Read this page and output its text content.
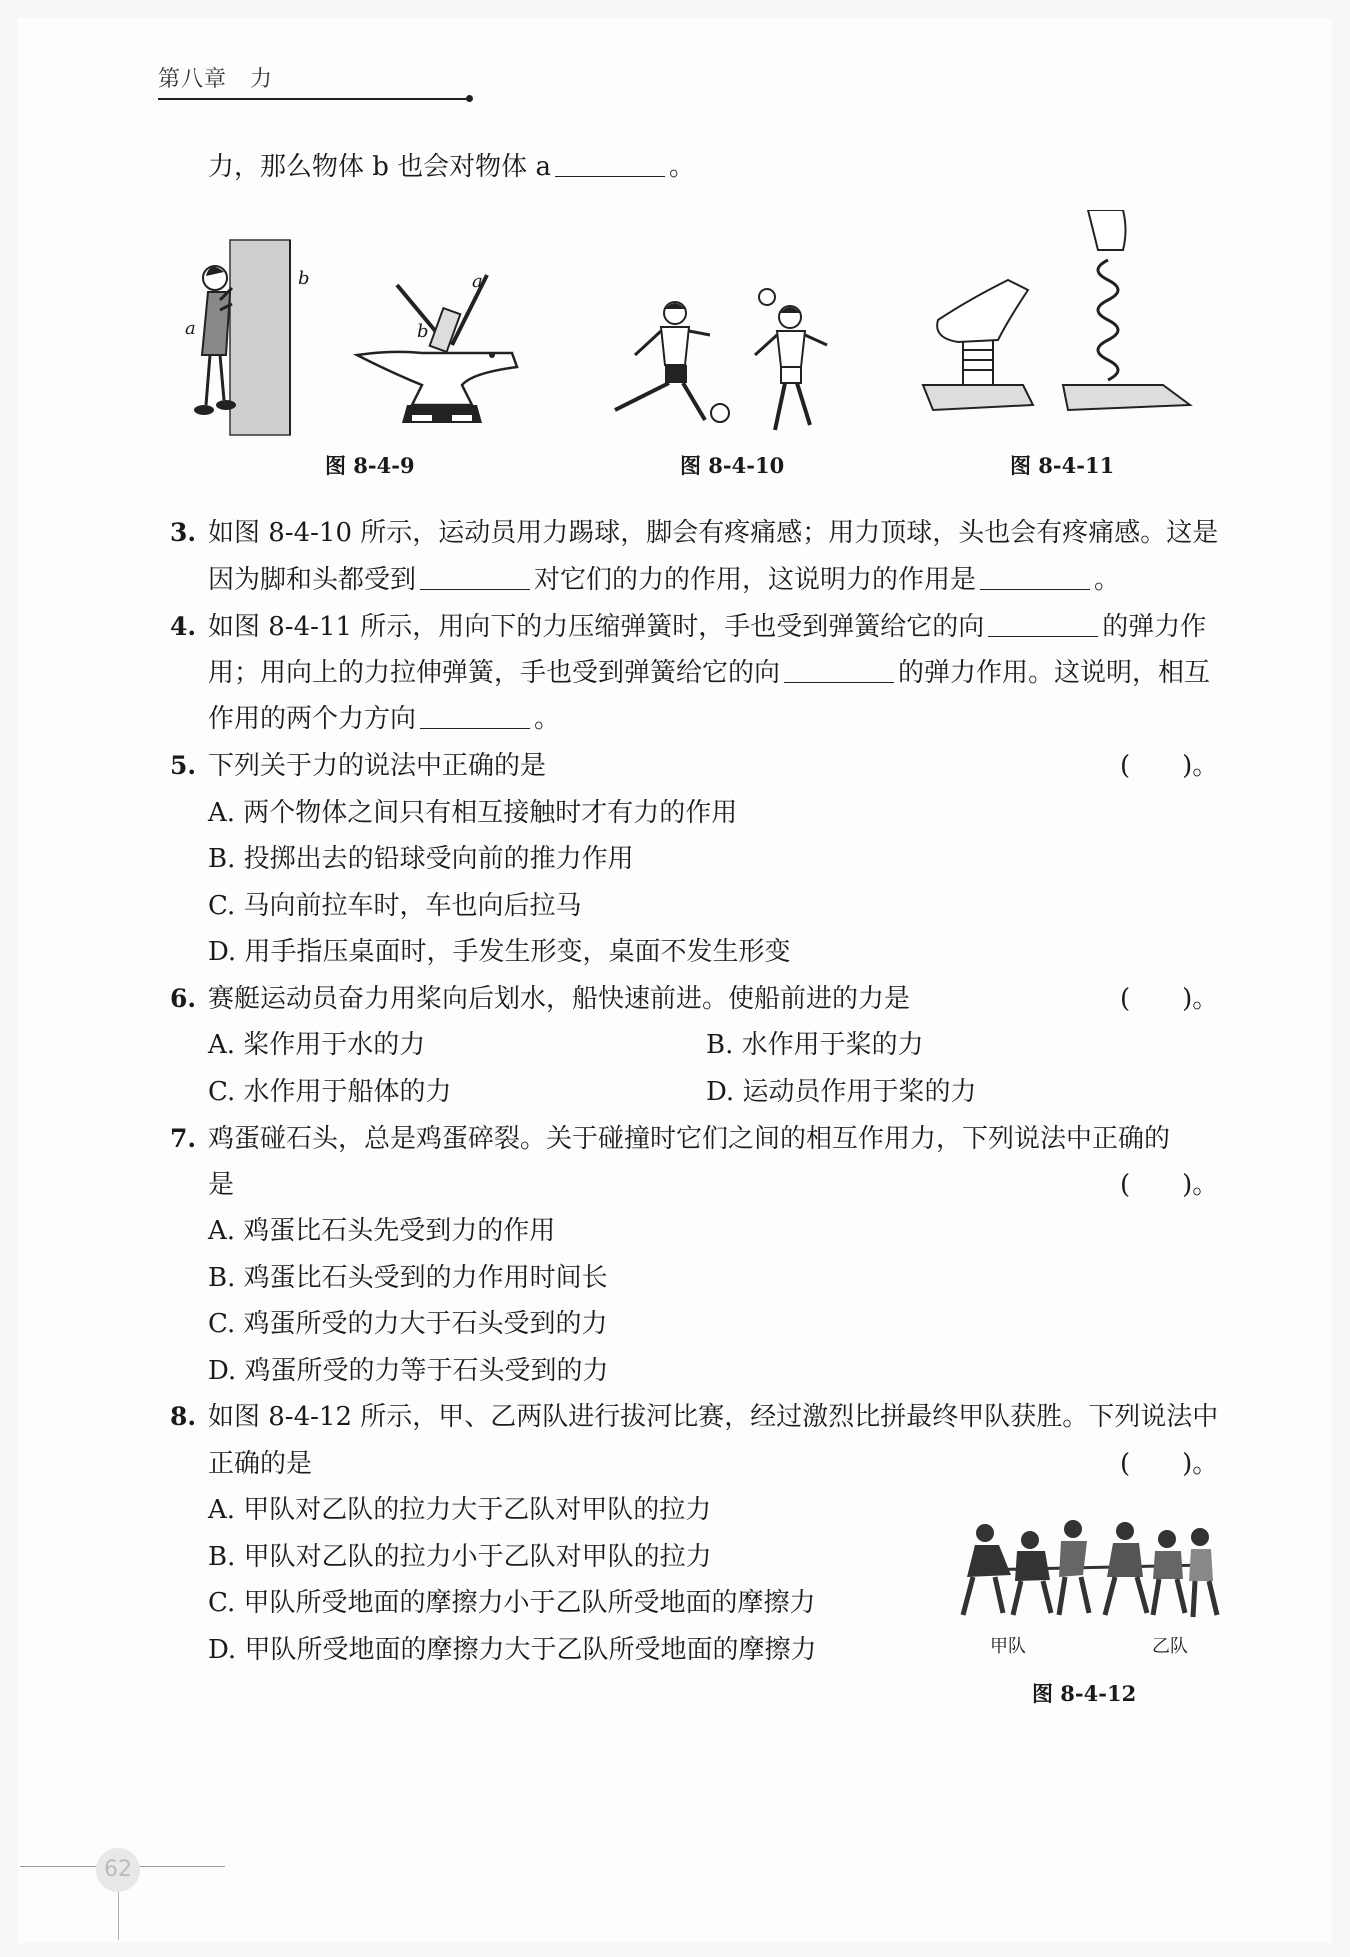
第八章　力
力，那么物体 b 也会对物体 a	。
a
b	a
b
图 8-4-9	图 8-4-10	图 8-4-11
3. 如图 8-4-10 所示，运动员用力踢球，脚会有疼痛感；用力顶球，头也会有疼痛感。这是
因为脚和头都受到	对它们的力的作用，这说明力的作用是	。
4. 如图 8-4-11 所示，用向下的力压缩弹簧时，手也受到弹簧给它的向	的弹力作
用；用向上的力拉伸弹簧，手也受到弹簧给它的向	的弹力作用。这说明，相互
作用的两个力方向	。
5. 下列关于力的说法中正确的是	(　　)。
A. 两个物体之间只有相互接触时才有力的作用
B. 投掷出去的铅球受向前的推力作用
C. 马向前拉车时，车也向后拉马
D. 用手指压桌面时，手发生形变，桌面不发生形变
6. 赛艇运动员奋力用桨向后划水，船快速前进。使船前进的力是	(　　)。
A. 桨作用于水的力	B. 水作用于桨的力
C. 水作用于船体的力	D. 运动员作用于桨的力
7. 鸡蛋碰石头，总是鸡蛋碎裂。关于碰撞时它们之间的相互作用力，下列说法中正确的
是	(　　)。
A. 鸡蛋比石头先受到力的作用
B. 鸡蛋比石头受到的力作用时间长
C. 鸡蛋所受的力大于石头受到的力
D. 鸡蛋所受的力等于石头受到的力
8. 如图 8-4-12 所示，甲、乙两队进行拔河比赛，经过激烈比拼最终甲队获胜。下列说法中
正确的是	(　　)。
A. 甲队对乙队的拉力大于乙队对甲队的拉力
B. 甲队对乙队的拉力小于乙队对甲队的拉力
C. 甲队所受地面的摩擦力小于乙队所受地面的摩擦力
D. 甲队所受地面的摩擦力大于乙队所受地面的摩擦力	甲队	乙队
图 8-4-12
62
